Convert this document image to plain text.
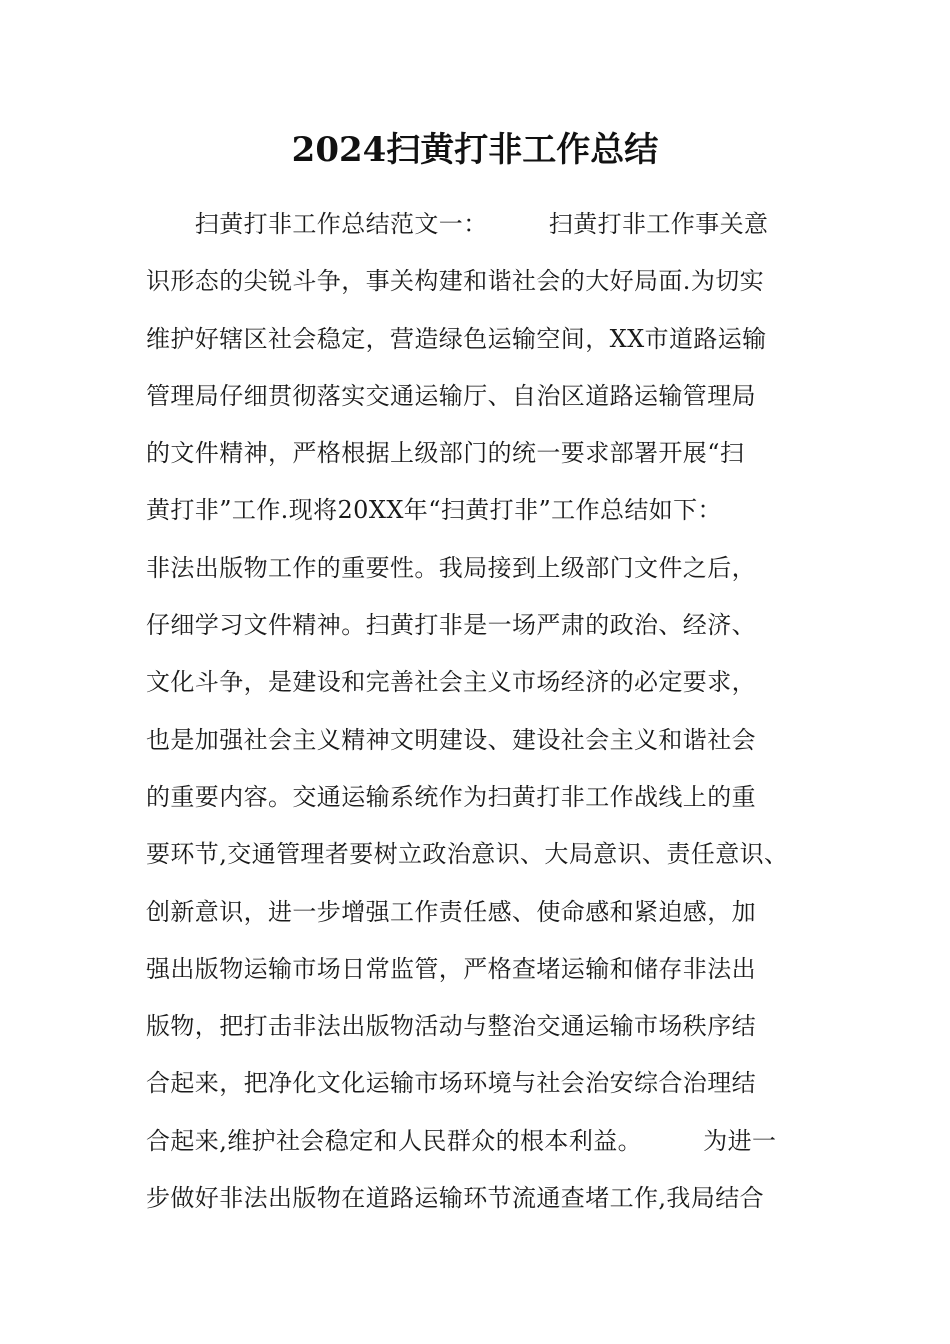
2024扫黄打非工作总结
　　扫黄打非工作总结范文一：　　　扫黄打非工作事关意
识形态的尖锐斗争，事关构建和谐社会的大好局面.为切实
维护好辖区社会稳定，营造绿色运输空间，XX市道路运输
管理局仔细贯彻落实交通运输厅、自治区道路运输管理局
的文件精神，严格根据上级部门的统一要求部署开展“扫
黄打非”工作.现将20XX年“扫黄打非”工作总结如下：
非法出版物工作的重要性。我局接到上级部门文件之后，
仔细学习文件精神。扫黄打非是一场严肃的政治、经济、
文化斗争，是建设和完善社会主义市场经济的必定要求，
也是加强社会主义精神文明建设、建设社会主义和谐社会
的重要内容。交通运输系统作为扫黄打非工作战线上的重
要环节,交通管理者要树立政治意识、大局意识、责任意识、
创新意识，进一步增强工作责任感、使命感和紧迫感，加
强出版物运输市场日常监管，严格查堵运输和储存非法出
版物，把打击非法出版物活动与整治交通运输市场秩序结
合起来，把净化文化运输市场环境与社会治安综合治理结
合起来,维护社会稳定和人民群众的根本利益。　　　为进一
步做好非法出版物在道路运输环节流通查堵工作,我局结合
